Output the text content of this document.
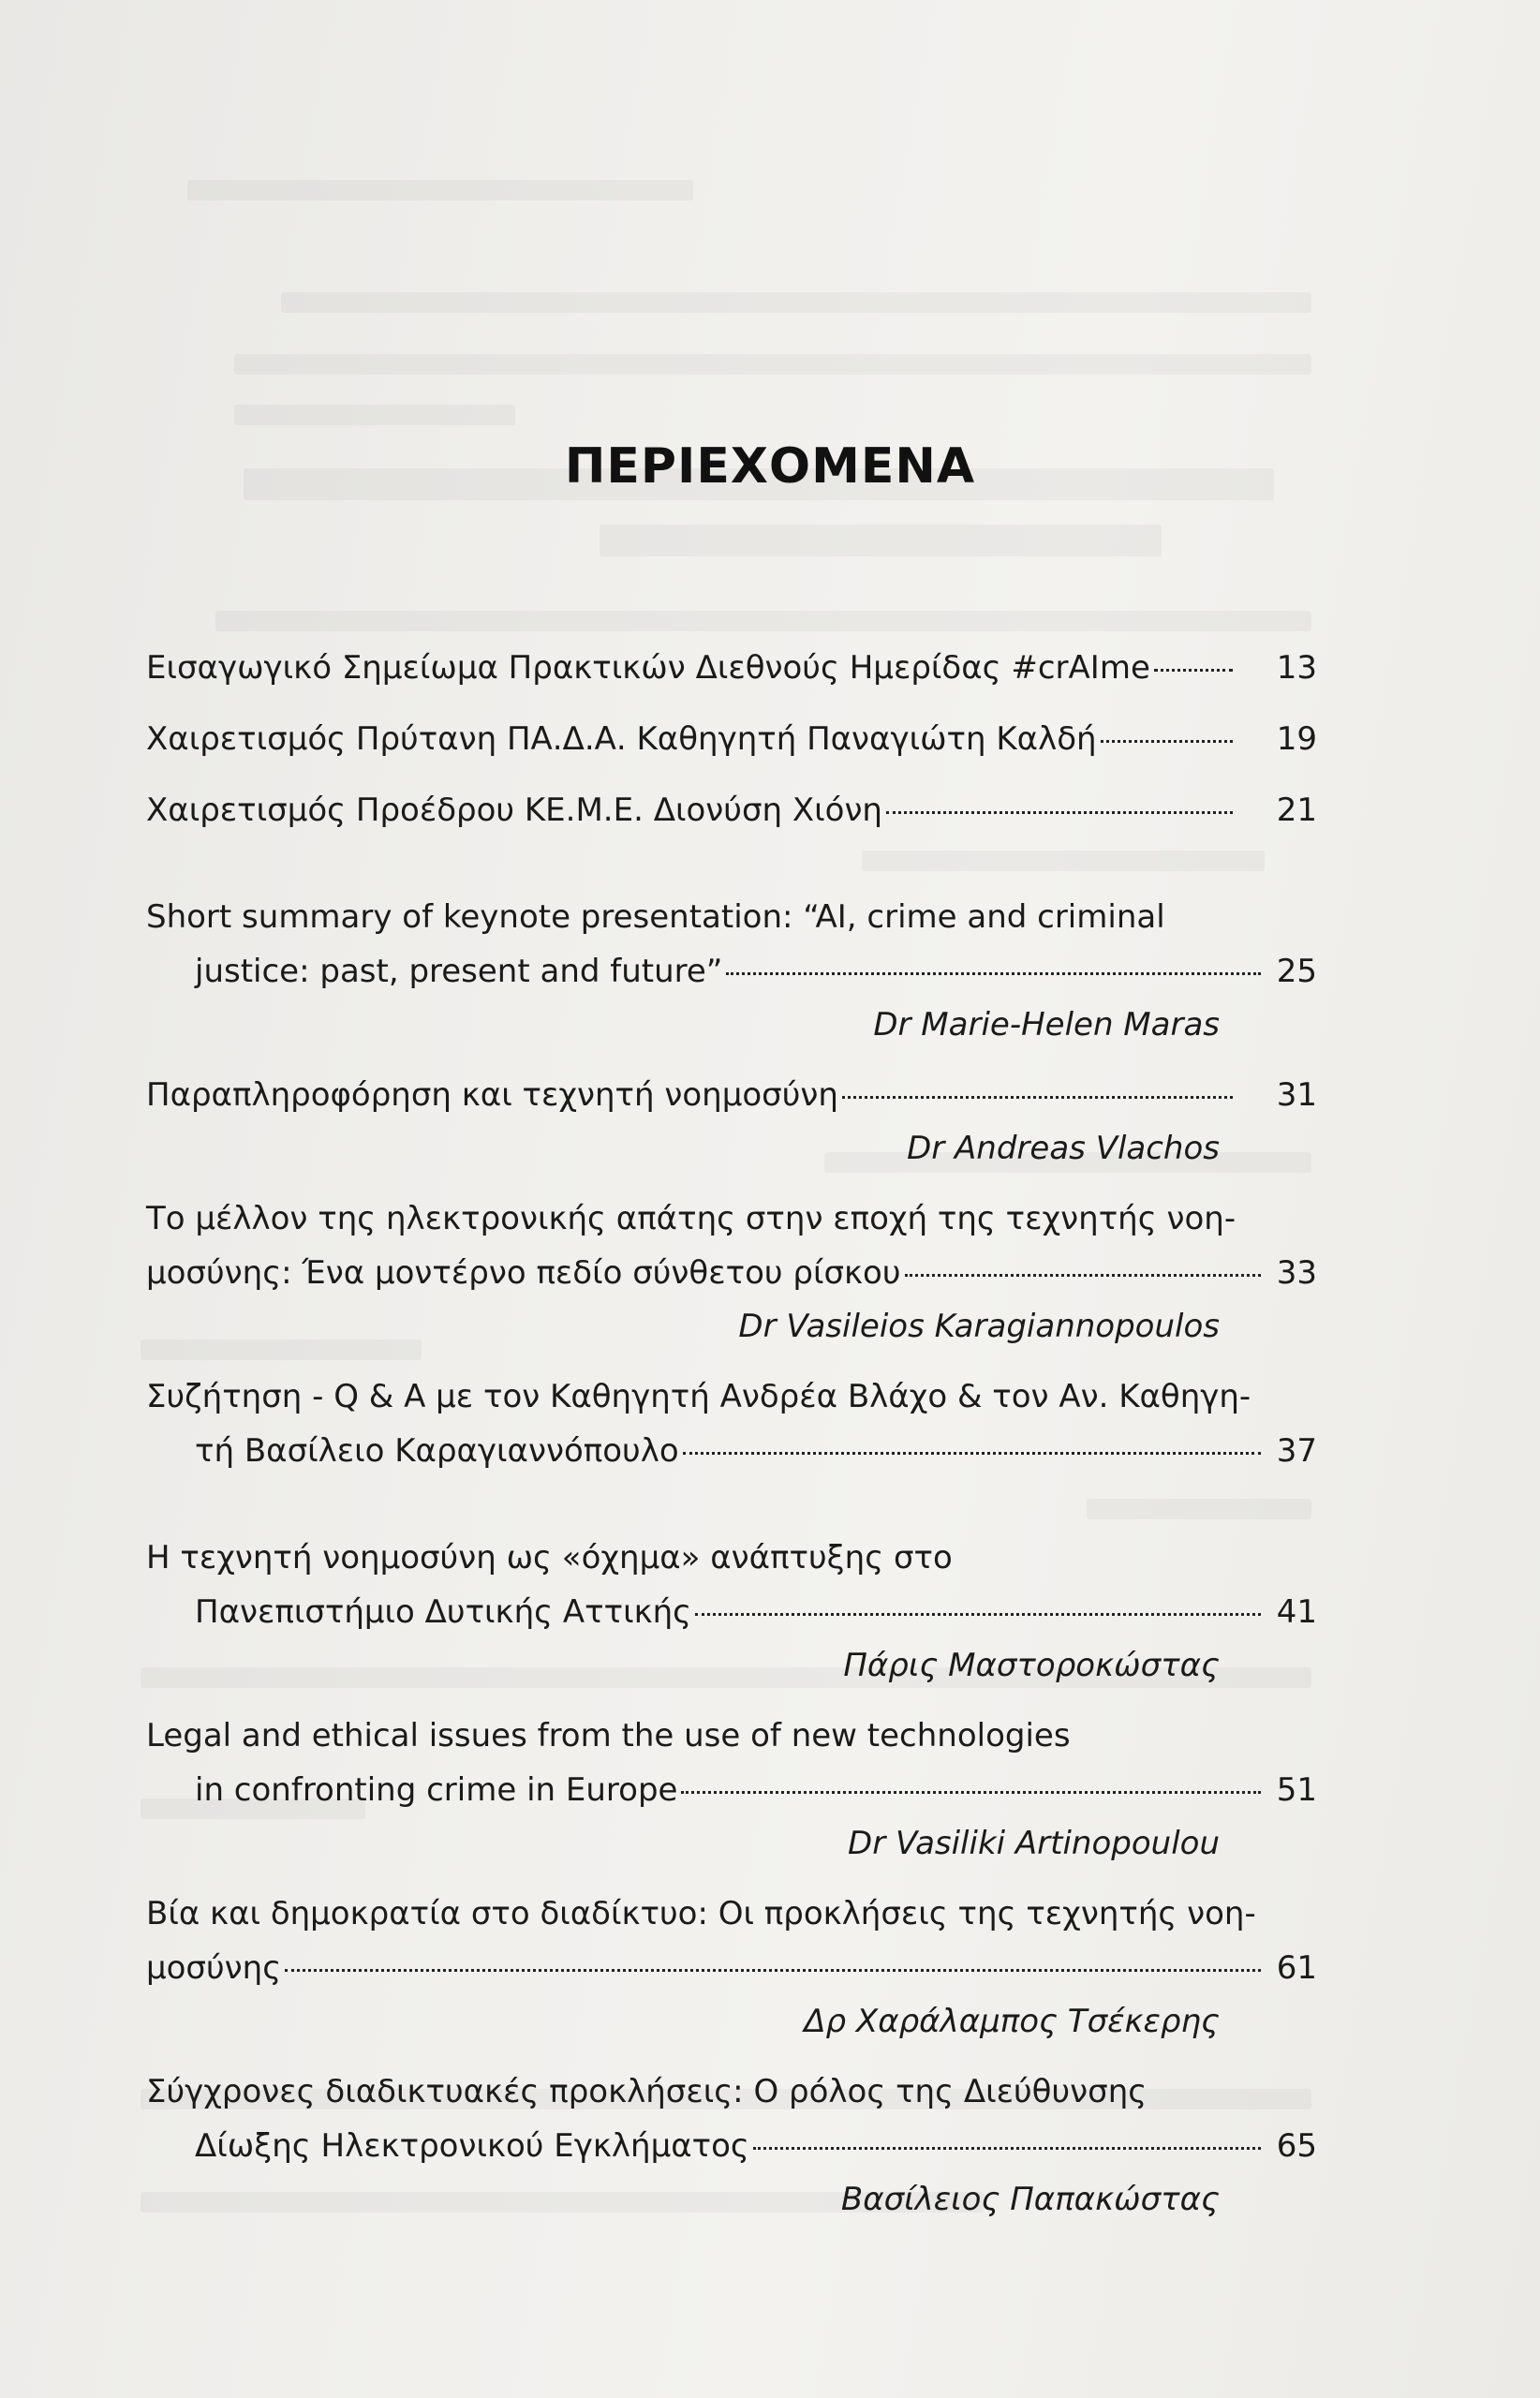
ΠΕΡΙΕΧΟΜΕΝΑ
Εισαγωγικό Σημείωμα Πρακτικών Διεθνούς Ημερίδας #crAIme	13
Χαιρετισμός Πρύτανη ΠΑ.Δ.Α. Καθηγητή Παναγιώτη Καλδή	19
Χαιρετισμός Προέδρου ΚΕ.Μ.Ε. Διονύση Χιόνη	21
Short summary of keynote presentation: “AI, crime and criminal
justice: past, present and future”	25
Dr Marie-Helen Maras
Παραπληροφόρηση και τεχνητή νοημοσύνη	31
Dr Andreas Vlachos
Το μέλλον της ηλεκτρονικής απάτης στην εποχή της τεχνητής νοη-
μοσύνης: Ένα μοντέρνο πεδίο σύνθετου ρίσκου	33
Dr Vasileios Karagiannopoulos
Συζήτηση - Q & A με τον Καθηγητή Ανδρέα Βλάχο & τον Αν. Καθηγη-
τή Βασίλειο Καραγιαννόπουλο	37
Η τεχνητή νοημοσύνη ως «όχημα» ανάπτυξης στο
Πανεπιστήμιο Δυτικής Αττικής	41
Πάρις Μαστοροκώστας
Legal and ethical issues from the use of new technologies
in confronting crime in Europe	51
Dr Vasiliki Artinopoulou
Βία και δημοκρατία στο διαδίκτυο: Οι προκλήσεις της τεχνητής νοη-
μοσύνης	61
Δρ Χαράλαμπος Τσέκερης
Σύγχρονες διαδικτυακές προκλήσεις: Ο ρόλος της Διεύθυνσης
Δίωξης Ηλεκτρονικού Εγκλήματος	65
Βασίλειος Παπακώστας
